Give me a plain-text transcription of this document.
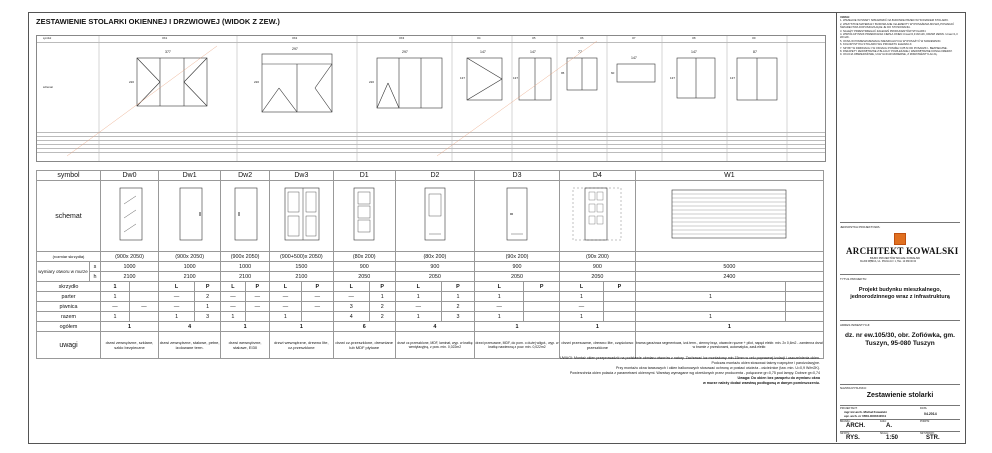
ZESTAWIENIE STOLARKI OKIENNEJ I DRZWIOWEJ (WIDOK Z ZEW.)
symbol
schemat
OK1	OK2	OK3	O4	O5	O6	O7	O8	O9
377
297
297	147	147	77
147
147	87
220	220	220
137	137
95	60
137	137
symbol		Dw0		Dw1		Dw2		Dw3		D1		D2		D3		D4		W1	
schemat									
(rozmiar skrzydła)		(900x 2050)		(900x 2050)		(900x 2050)		(900+500)x 2050)		(80x 200)		(80x 200)		(90x 200)		(90x 200)			
wymiary otworu w murze	s	1000		1000		1000		1500		900		900		900		900		5000	
	h	2100		2100		2100		2100		2050		2050		2050		2050		2400	
skrzydło		1		L	P	L	P	L	P	L	P	L	P	L	P	L	P		
parter		1		—	2	—	—	—	—	—	1	1	1	1		1		1	
piwnica		—	—	—	1	—	—	—	—	3	2	—	2	—		—			
razem		1		1	3	1		1		4	2	1	3	1		1		1	
ogółem		1		4		1		1		6		4		1		1		1	
uwagi		drzwi zewnętrzne, szklane, szkło bezpieczne		drzwi zewnętrzne, stalowe, pełne, izolowane term.		drzwi wewnętrzne, stalowe, EI30		drzwi wewnętrzne, drewno lite, cz.przeszklone		drzwi cz.przeszklone, drewniane lub MDF płytowe		drzwi cz.przeszklone, MDF, laminat, wyp. w kratkę wentylacyjną, z pow. min. 0,022m2		drzwi przesuwne, MDF, do pom. o dużej wilgot., wyp. w kratkę nawiewną z pow. min. 0,022m2		drzwi przesuwne, drewno lite, częściowo przeszklone		brama garażowa segmentowa, izol.term., ciemny brąz, otwarcie ręczne + pilot, napęd elektr. min. 2x 0,6m2 - zamienna drzwi w bramie z przesłonami, automatyka, zasil.elektr.	
UWAGI: Montaż okien przeprowadzić na podstawie obmiaru otworów z natury. Zachować luz montażowy min.15mm w celu poprawnej izolacji i uszczelnienia okien.
Podczas montażu okien stosować taśmy rozprężne i paroizolacyjne.
Przy montażu okna tarasowych i okien balkonowych stosować ochronę w postaci ościeża - ościeżnice (tzw. min. U=0,9 W/m2K).
Powierzchnia okien połacia z parametrami okiennymi. Warstwy wymagane wg określonych przez producenta - połączone gr=0,75 pod lampy. Dobrze gr=0,74
Uwaga: Do okien bez parapetu do wymiaru okna
w murze należy dodać warstwę podłogową w danym pomieszczeniu.
UWAGI:
1. WSZELKIE WYMIARY SPRAWDZIĆ NA BUDOWIE PRZED WYKONANIEM STOLARKI.
2. WSZYSTKIE MATERIAŁY BUDOWLANE I ELEMENTY WYPOSAŻENIA MUSZĄ POSIADAĆ ŚWIADECTWA DOPUSZCZAJĄCE JE DO STOSOWANIA.
3. NALEŻY PRZESTRZEGAĆ ZALECEŃ PRODUCENTÓW STOLARKI.
4. WSPÓŁCZYNNIK PRZENIKANIA CIEPŁA OKIEN Umax=0,9 W/m2K, DRZWI ZEWN. Umax=1,3 W/m2K.
5. OKNA W POMIESZCZENIACH MIESZKALNYCH WYPOSAŻYĆ W NAWIEWNIKI.
6. KOLORYSTYKA STOLARKI WG PROJEKTU ELEWACJI.
7. SZYBY W DRZWIACH I W OKNACH PONIŻEJ 0,85 M OD POSADZKI - BEZPIECZNE.
8. PARAPETY ZEWNĘTRZNE Z BLACHY POWLEKANEJ, WEWNĘTRZNE KONGLOMERAT.
9. OKUCIA OBWIEDNIOWE, UCHYLNO-ROZWIERNE, Z MIKROWENTYLACJĄ.
JEDNOSTKA PROJEKTOWA:
ARCHITEKT KOWALSKI
BIURO PROJEKTÓW MICHAŁ KOWALSKI
39-200 DĘBICA, UL. POLNA 10 / 1, TEL. 14 680 00 00
TYTUŁ PROJEKTU:
Projekt budynku mieszkalnego, jednorodzinnego wraz z infrastrukturą
ADRES INWESTYCJI:
dz. nr ew.105/30, obr. Zofiówka, gm. Tuszyn, 95-080 Tuszyn
NAZWA RYSUNKU:
Zestawienie stolarki
PROJEKTANT:
mgr inż.arch. Michał Kowalski
upr. arch. nr 065/LOOKK/2011
DATA:
04.2014
BRANŻA:
ARCH.
FAZA:
A.
PODPIS:
NR RYS.:
RYS.
SKALA:
1:50
NR STRONY:
STR.
